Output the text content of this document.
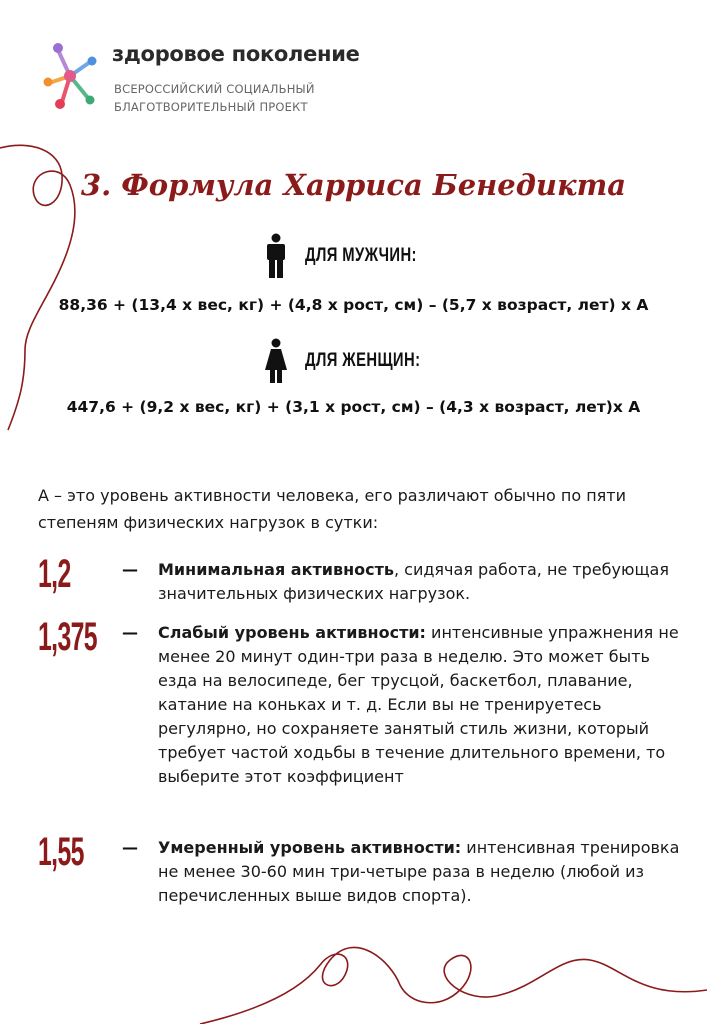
здоровое поколение
ВСЕРОССИЙСКИЙ СОЦИАЛЬНЫЙ
БЛАГОТВОРИТЕЛЬНЫЙ ПРОЕКТ
3. Формула Харриса Бенедикта
ДЛЯ МУЖЧИН:
88,36 + (13,4 x вес, кг) + (4,8 х рост, см) – (5,7 х возраст, лет) х А
ДЛЯ ЖЕНЩИН:
447,6 + (9,2 х вес, кг) + (3,1 х рост, см) – (4,3 х возраст, лет)х А
А – это уровень активности человека, его различают обычно по пяти степеням физических нагрузок в сутки:
1,2	— Минимальная активность, сидячая работа, не требующая значительных физических нагрузок.
1,375 — Слабый уровень активности: интенсивные упражнения не менее 20 минут один-три раза в неделю. Это может быть езда на велосипеде, бег трусцой, баскетбол, плавание, катание на коньках и т. д. Если вы не тренируетесь регулярно, но сохраняете занятый стиль жизни, который требует частой ходьбы в течение длительного времени, то выберите этот коэффициент
1,55 — Умеренный уровень активности: интенсивная тренировка не менее 30-60 мин три-четыре раза в неделю (любой из перечисленных выше видов спорта).
